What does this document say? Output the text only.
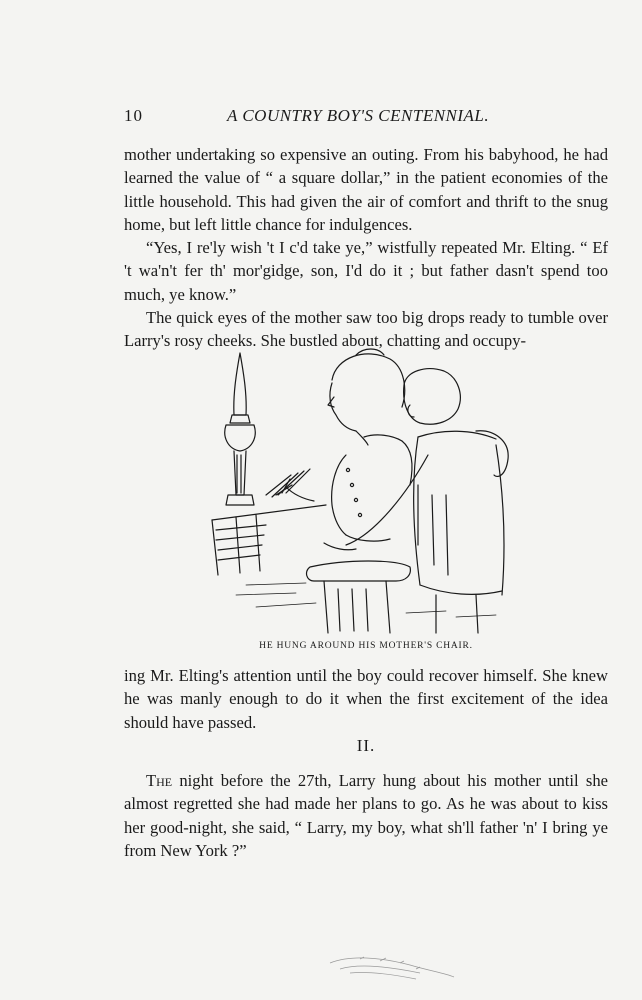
10	A COUNTRY BOY'S CENTENNIAL.

mother undertaking so expensive an outing. From his babyhood, he had learned the value of “ a square dollar,” in the patient economies of the little household. This had given the air of comfort and thrift to the snug home, but left little chance for indulgences.

“Yes, I re'ly wish 't I c'd take ye,” wistfully repeated Mr. Elting. “ Ef 't wa'n't fer th' mor'gidge, son, I'd do it ; but father dasn't spend too much, ye know.”

The quick eyes of the mother saw too big drops ready to tumble over Larry's rosy cheeks. She bustled about, chatting and occupy-

HE HUNG AROUND HIS MOTHER'S CHAIR.

ing Mr. Elting's attention until the boy could recover himself. She knew he was manly enough to do it when the first excitement of the idea should have passed.

II.

The night before the 27th, Larry hung about his mother until she almost regretted she had made her plans to go. As he was about to kiss her good-night, she said, “ Larry, my boy, what sh'll father 'n' I bring ye from New York ?”
